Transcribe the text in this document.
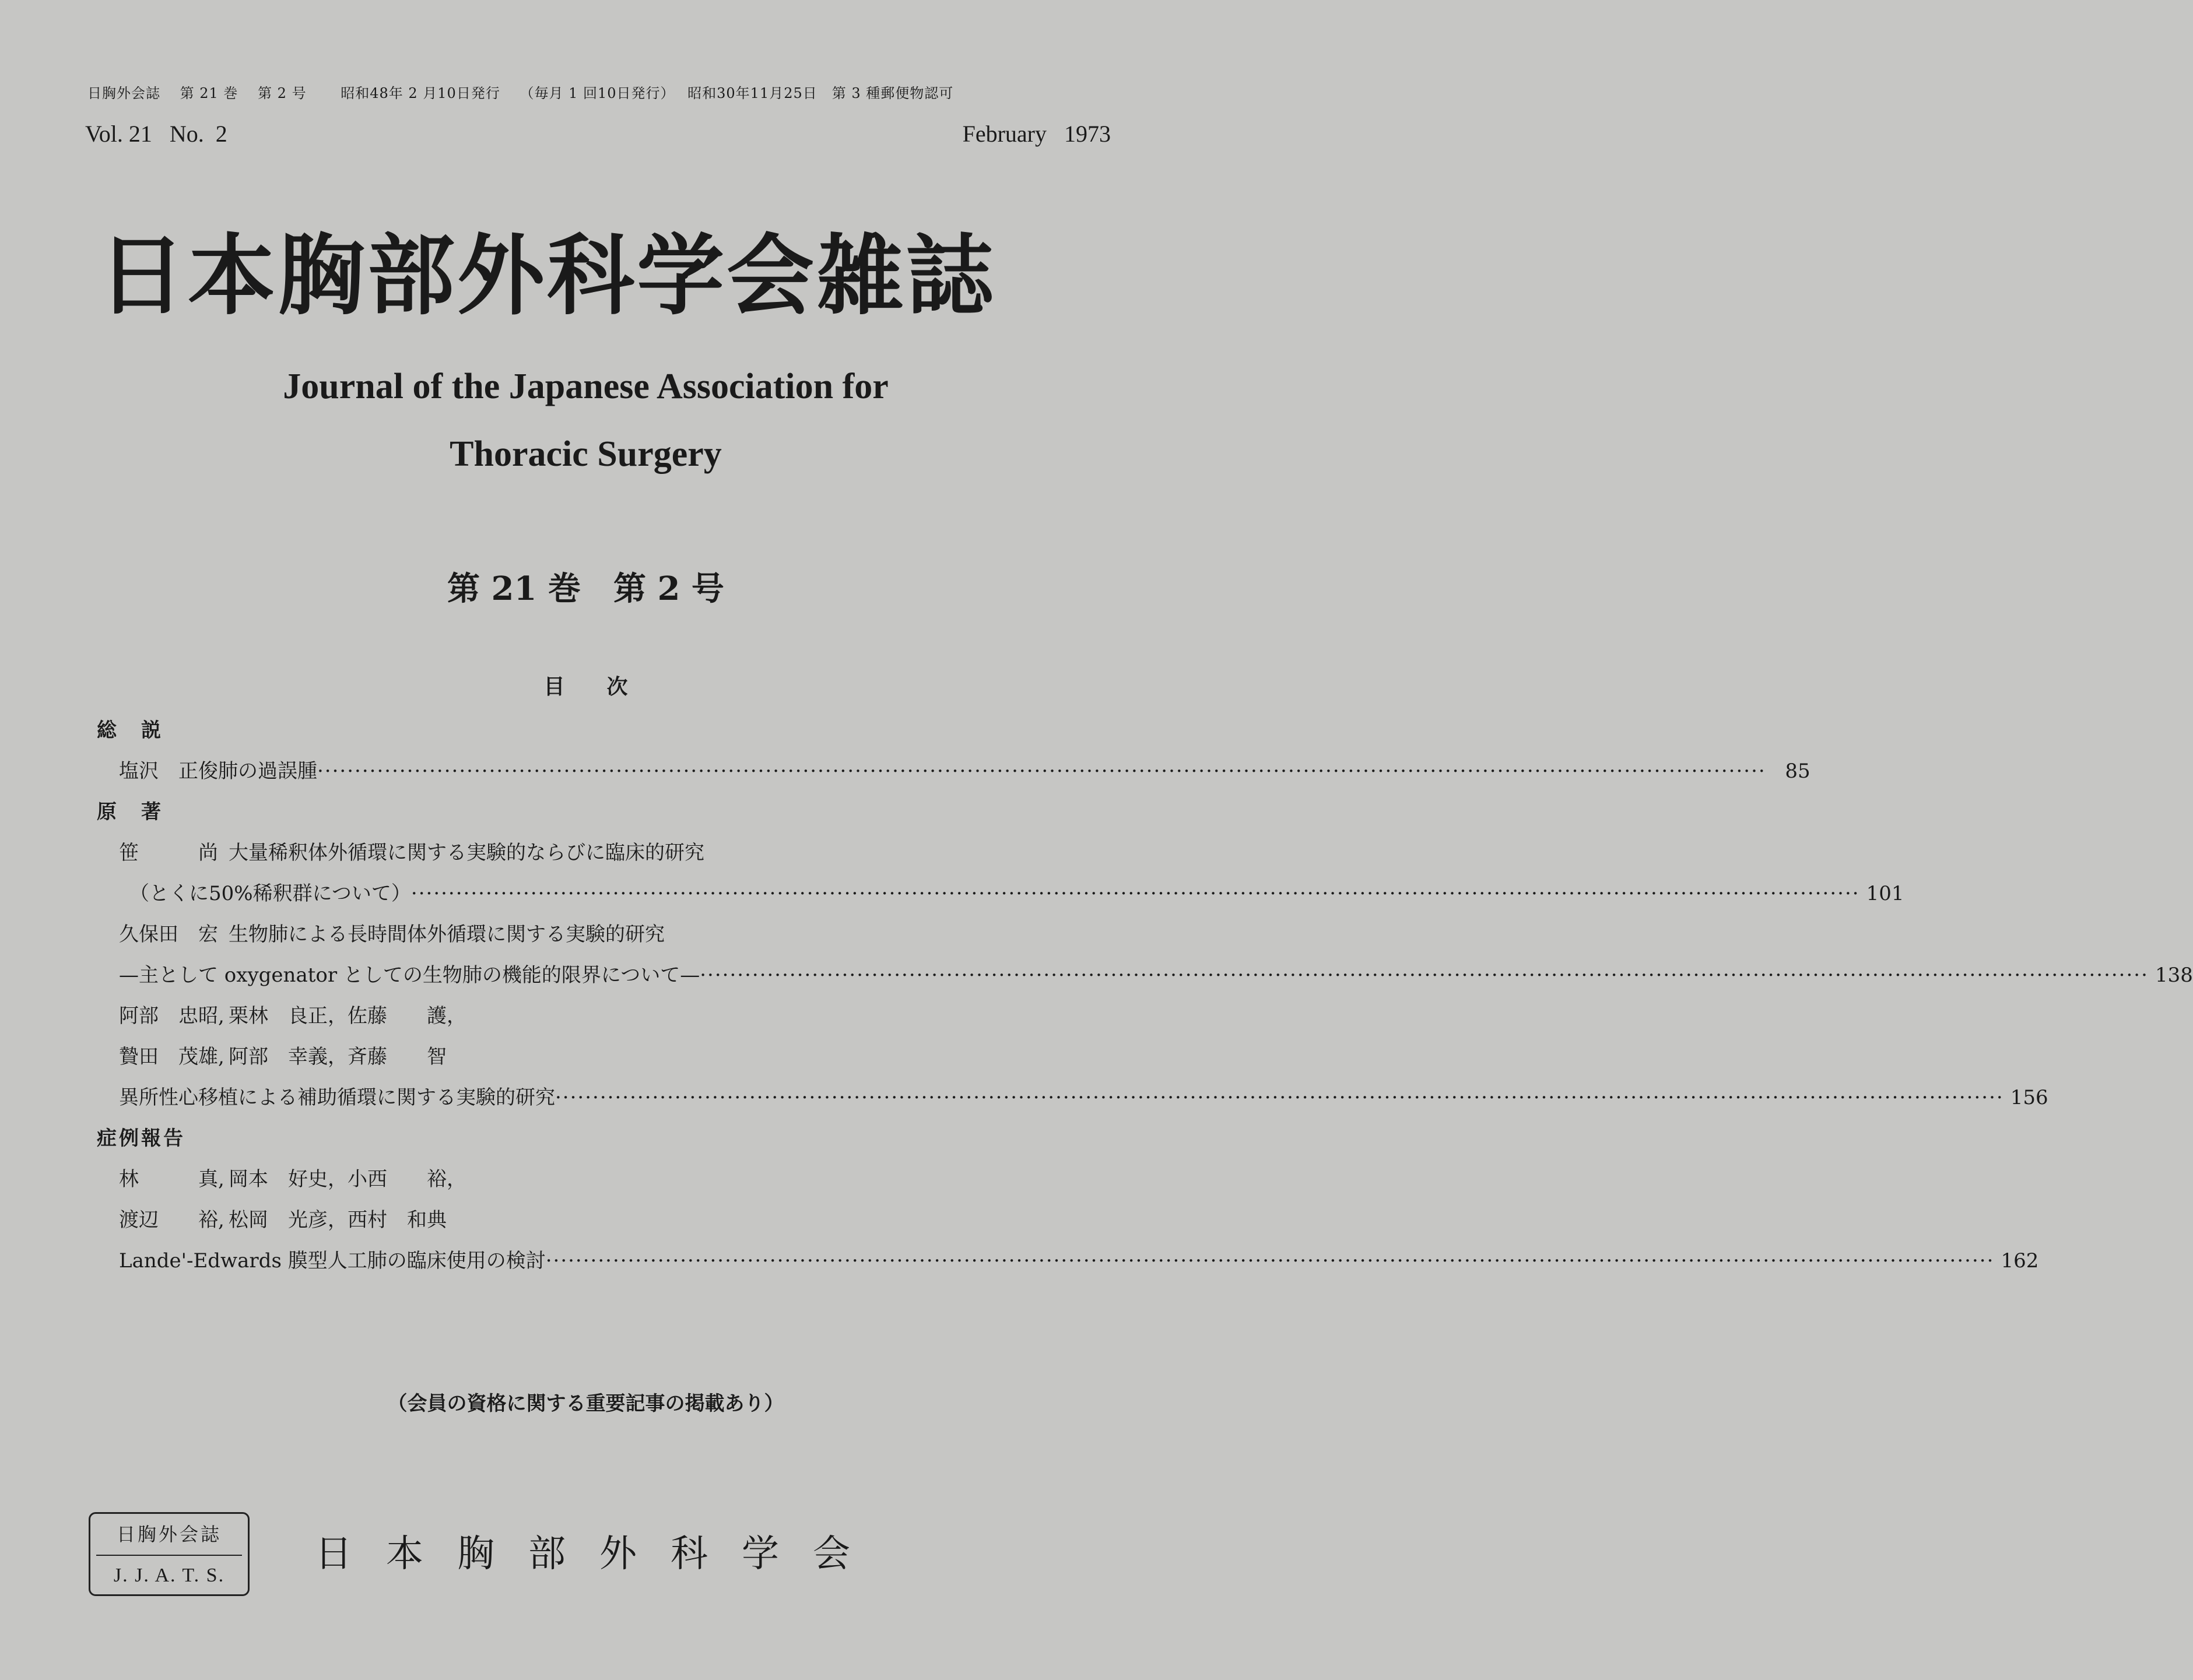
日胸外会誌　 第 21 巻　 第 2 号　　 昭和48年 2 月10日発行　 （毎月 1 回10日発行）　 昭和30年11月25日　第 3 種郵便物認可
Vol. 21   No.  2	February   1973
日本胸部外科学会雑誌
Journal of the Japanese Association for
Thoracic Surgery
第 21 巻　第 2 号
目　　次
総　説
塩沢　正俊 肺の過誤腫 ·····	85
原　著
笹　　　尚 大量稀釈体外循環に関する実験的ならびに臨床的研究
（とくに50%稀釈群について） ·····	101
久保田　宏 生物肺による長時間体外循環に関する実験的研究
—主として oxygenator としての生物肺の機能的限界について— ·····	138
阿部　忠昭, 栗林　良正，佐藤　　護，
贄田　茂雄, 阿部　幸義，斉藤　　智
異所性心移植による補助循環に関する実験的研究 ·····	156
症例報告
林　　　真, 岡本　好史，小西　　裕，
渡辺　　裕, 松岡　光彦，西村　和典
Lande'-Edwards 膜型人工肺の臨床使用の検討 ·····	162
（会員の資格に関する重要記事の掲載あり）
日胸外会誌
J. J. A. T. S.	日本胸部外科学会
